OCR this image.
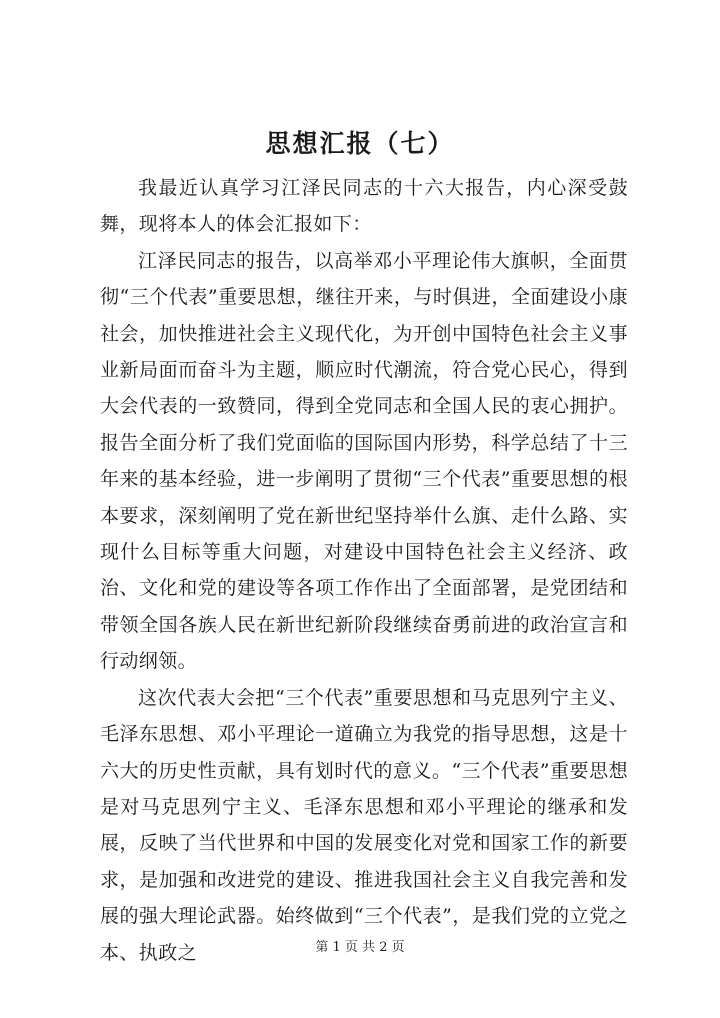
思想汇报（七）

我最近认真学习江泽民同志的十六大报告，内心深受鼓舞，现将本人的体会汇报如下：

江泽民同志的报告，以高举邓小平理论伟大旗帜，全面贯彻“三个代表”重要思想，继往开来，与时俱进，全面建设小康社会，加快推进社会主义现代化，为开创中国特色社会主义事业新局面而奋斗为主题，顺应时代潮流，符合党心民心，得到大会代表的一致赞同，得到全党同志和全国人民的衷心拥护。报告全面分析了我们党面临的国际国内形势，科学总结了十三年来的基本经验，进一步阐明了贯彻“三个代表”重要思想的根本要求，深刻阐明了党在新世纪坚持举什么旗、走什么路、实现什么目标等重大问题，对建设中国特色社会主义经济、政治、文化和党的建设等各项工作作出了全面部署，是党团结和带领全国各族人民在新世纪新阶段继续奋勇前进的政治宣言和行动纲领。

这次代表大会把“三个代表”重要思想和马克思列宁主义、毛泽东思想、邓小平理论一道确立为我党的指导思想，这是十六大的历史性贡献，具有划时代的意义。“三个代表”重要思想是对马克思列宁主义、毛泽东思想和邓小平理论的继承和发展，反映了当代世界和中国的发展变化对党和国家工作的新要求，是加强和改进党的建设、推进我国社会主义自我完善和发展的强大理论武器。始终做到“三个代表”，是我们党的立党之本、执政之	第 1 页 共 2 页
